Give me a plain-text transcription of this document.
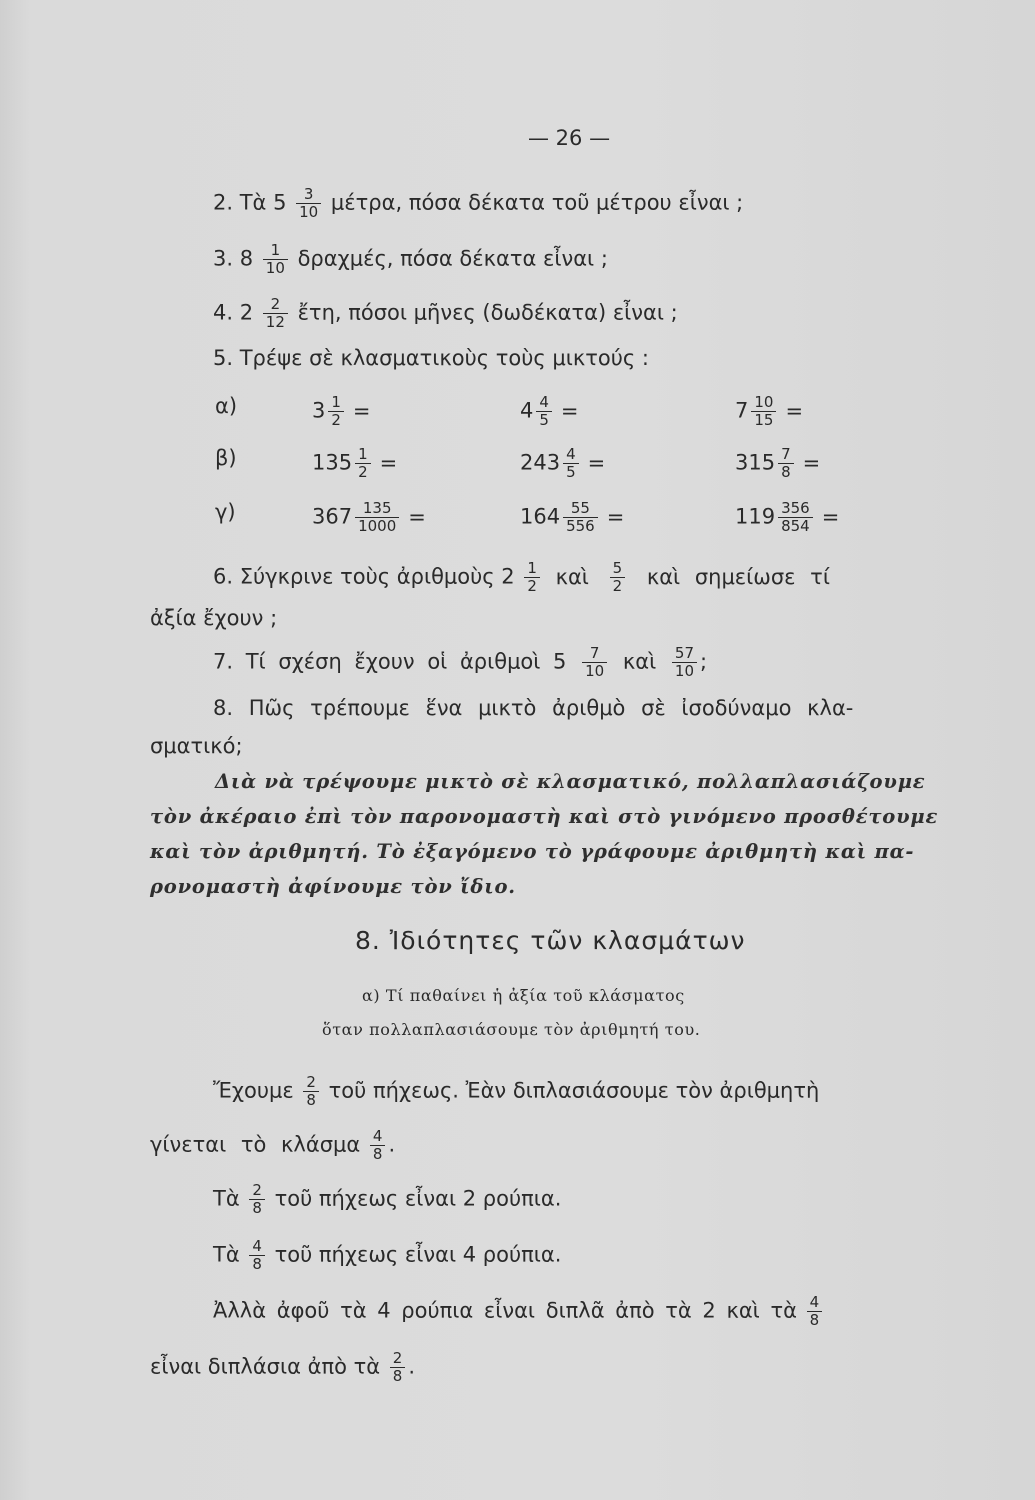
— 26 —
2. Τὰ $5 \frac{3}{10} \mu έ\tau\rho\alpha$, πόσα δέκατα τοῦ μέτρου εἶναι ;
3. $8 \frac{1}{10} \delta\rho\alpha\chi\mu έ\varsigma$, πόσα δέκατα εἶναι ;
4. $2 \frac{2}{12}$ ἔτη, πόσοι μῆνες (δωδέκατα) εἶναι ;
5. Τρέψε σὲ κλασματικοὺς τοὺς μικτούς :
α)	$3 \frac{1}{2}$ =	$4 \frac{4}{5}$ =	$7 \frac{10}{15}$ =
β)	$135 \frac{1}{2}$ =	$243 \frac{4}{5}$ =	$315 \frac{7}{8}$ =
γ)	$367 \frac{135}{1000}$ =	$164 \frac{55}{556}$ =	$119 \frac{356}{854}$ =
6. Σύγκρινε τοὺς ἀριθμοὺς $2 \frac{1}{2}$ καὶ $\frac{5}{2}$ καὶ σημείωσε τί
ἀξία ἔχουν ;
7. Τί σχέση ἔχουν οἱ ἀριθμοὶ $5 \frac{7}{10}$ καὶ $\frac{57}{10}$ ;
8. Πῶς τρέπουμε ἕνα μικτὸ ἀριθμὸ σὲ ἰσοδύναμο κλα-
σματικό;
Διὰ νὰ τρέψουμε μικτὸ σὲ κλασματικό, πολλαπλασιάζουμε
τὸν ἀκέραιο ἐπὶ τὸν παρονομαστὴ καὶ στὸ γινόμενο προσθέτουμε
καὶ τὸν ἀριθμητή. Τὸ ἐξαγόμενο τὸ γράφουμε ἀριθμητὴ καὶ πα-
ρονομαστὴ ἀφίνουμε τὸν ἴδιο.
8. Ἰδιότητες τῶν κλασμάτων
α) Τί παθαίνει ἡ ἀξία τοῦ κλάσματος
ὅταν πολλαπλασιάσουμε τὸν ἀριθμητή του.
Ἔχουμε $\frac{2}{8}$ τοῦ πήχεως. Ἐὰν διπλασιάσουμε τὸν ἀριθμητὴ
γίνεται τὸ κλάσμα $\frac{4}{8}$ .
Τὰ $\frac{2}{8}$ τοῦ πήχεως εἶναι 2 ρούπια.
Τὰ $\frac{4}{8}$ τοῦ πήχεως εἶναι 4 ρούπια.
Ἀλλὰ ἀφοῦ τὰ 4 ρούπια εἶναι διπλᾶ ἀπὸ τὰ 2 καὶ τὰ $\frac{4}{8}$
εἶναι διπλάσια ἀπὸ τὰ $\frac{2}{8}$ .
